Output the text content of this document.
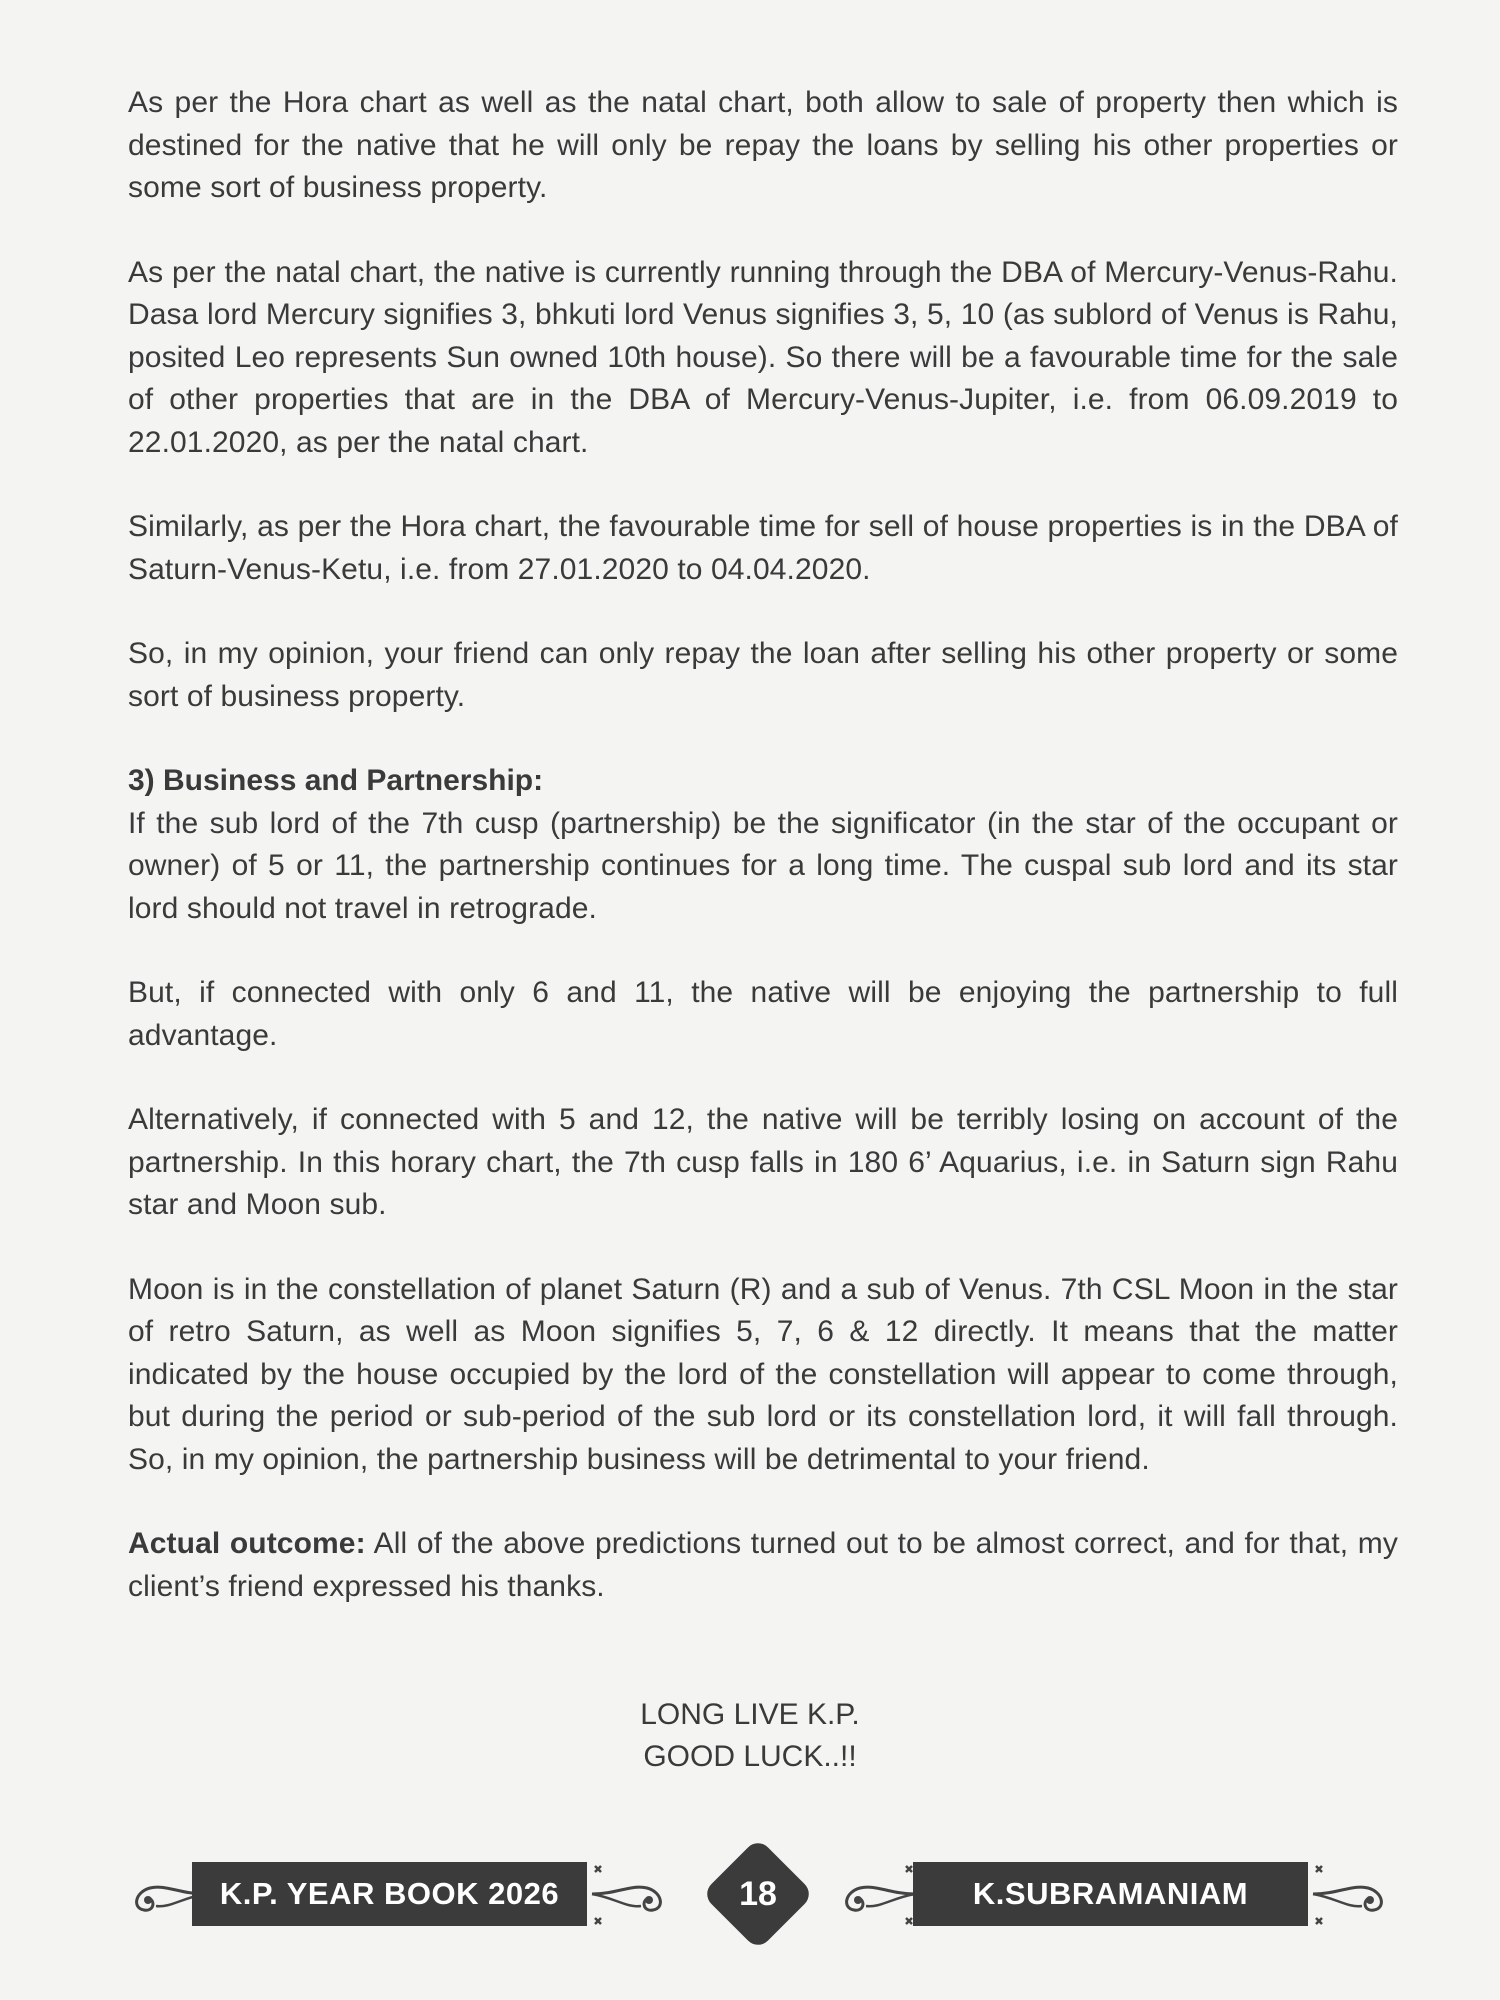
As per the Hora chart as well as the natal chart, both allow to sale of property then which is destined for the native that he will only be repay the loans by selling his other properties or some sort of business property.

As per the natal chart, the native is currently running through the DBA of Mercury-Venus-Rahu. Dasa lord Mercury signifies 3, bhkuti lord Venus signifies 3, 5, 10 (as sublord of Venus is Rahu, posited Leo represents Sun owned 10th house). So there will be a favourable time for the sale of other properties that are in the DBA of Mercury-Venus-Jupiter, i.e. from 06.09.2019 to 22.01.2020, as per the natal chart.

Similarly, as per the Hora chart, the favourable time for sell of house properties is in the DBA of Saturn-Venus-Ketu, i.e. from 27.01.2020 to 04.04.2020.

So, in my opinion, your friend can only repay the loan after selling his other property or some sort of business property.

3) Business and Partnership:

If the sub lord of the 7th cusp (partnership) be the significator (in the star of the occupant or owner) of 5 or 11, the partnership continues for a long time. The cuspal sub lord and its star lord should not travel in retrograde.

But, if connected with only 6 and 11, the native will be enjoying the partnership to full advantage.

Alternatively, if connected with 5 and 12, the native will be terribly losing on account of the partnership. In this horary chart, the 7th cusp falls in 180 6’ Aquarius, i.e. in Saturn sign Rahu star and Moon sub.

Moon is in the constellation of planet Saturn (R) and a sub of Venus. 7th CSL Moon in the star of retro Saturn, as well as Moon signifies 5, 7, 6 & 12 directly. It means that the matter indicated by the house occupied by the lord of the constellation will appear to come through, but during the period or sub-period of the sub lord or its constellation lord, it will fall through. So, in my opinion, the partnership business will be detrimental to your friend.

Actual outcome: All of the above predictions turned out to be almost correct, and for that, my client’s friend expressed his thanks.

LONG LIVE K.P.
GOOD LUCK..!!
K.P. YEAR BOOK 2026	18	K.SUBRAMANIAM
